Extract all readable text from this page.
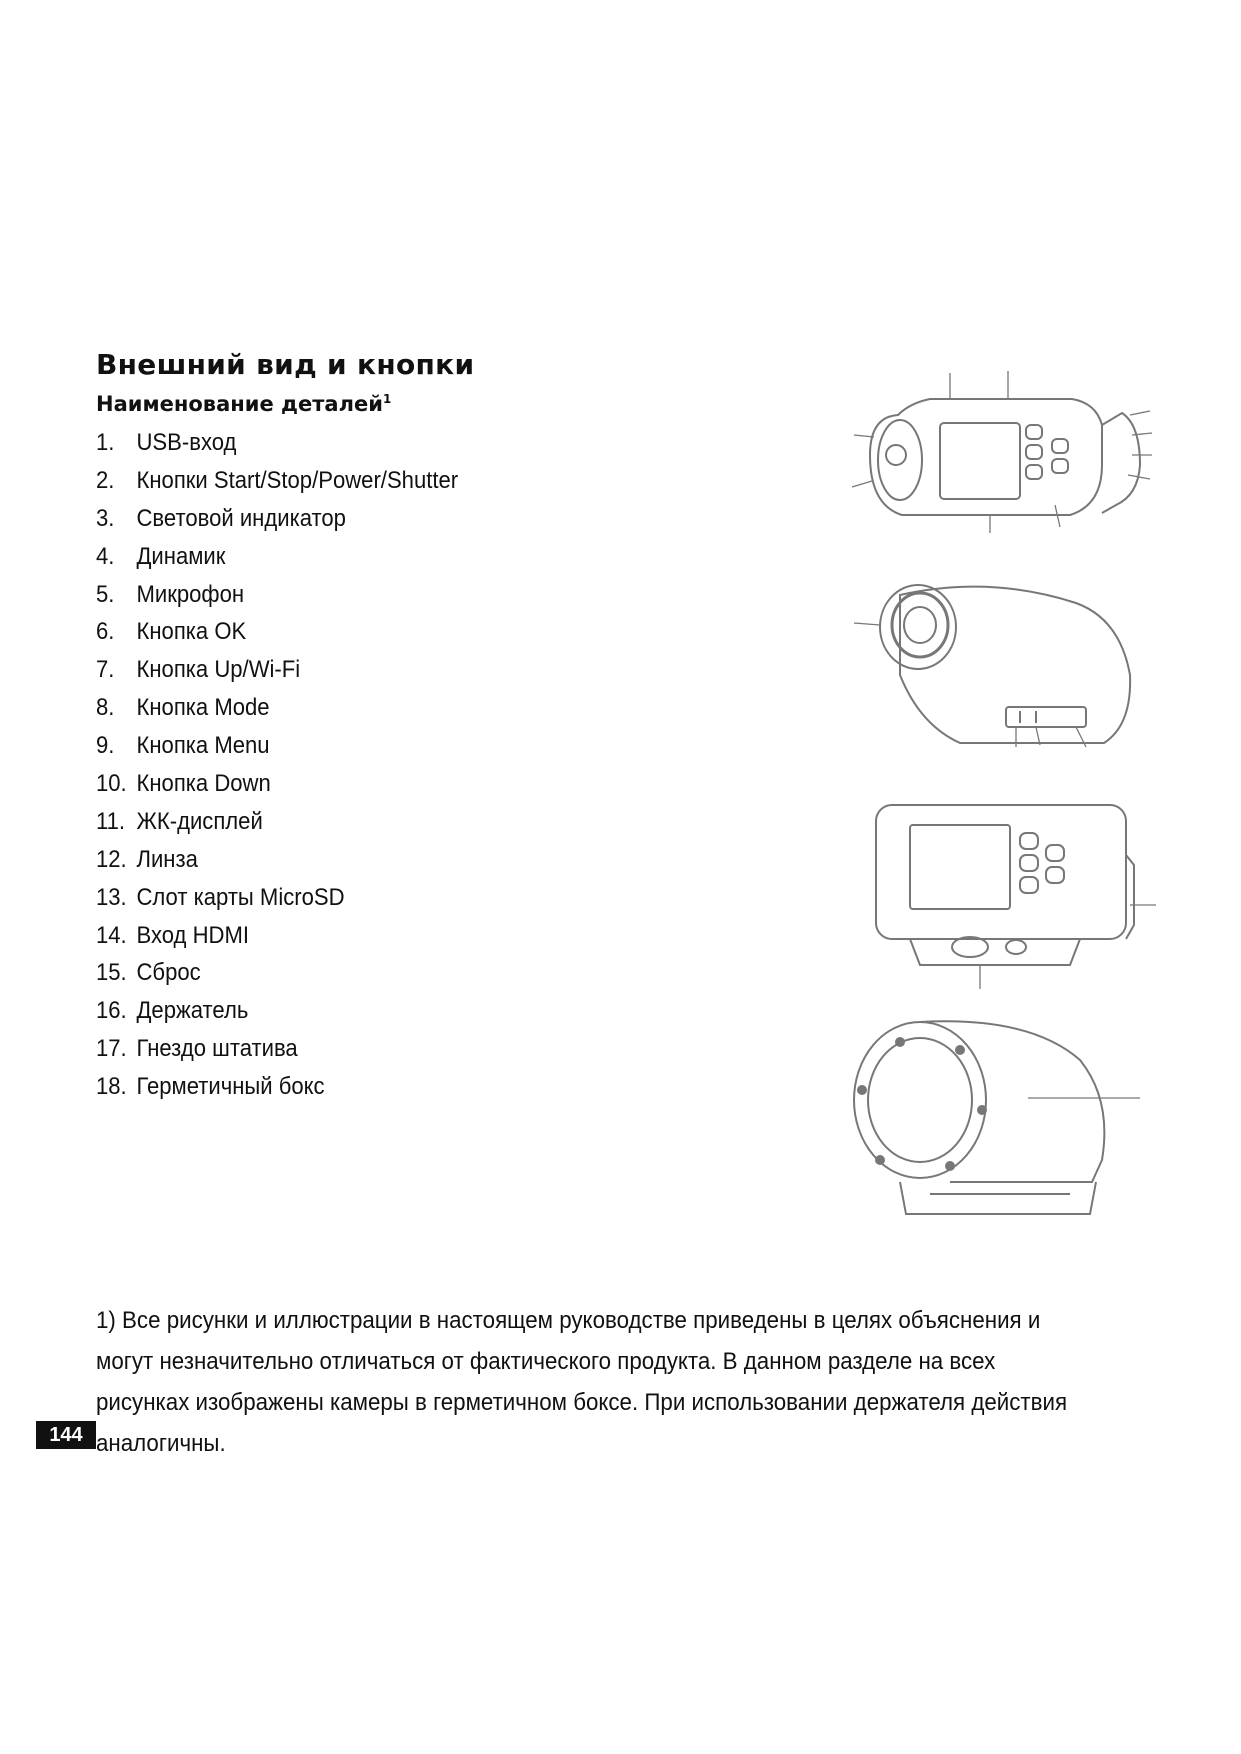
Внешний вид и кнопки
Наименование деталей$^1$
1. USB-вход
2. Кнопки Start/Stop/Power/Shutter
3. Световой индикатор
4. Динамик
5. Микрофон
6. Кнопка OK
7. Кнопка Up/Wi-Fi
8. Кнопка Mode
9. Кнопка Menu
10. Кнопка Down
11. ЖК-дисплей
12. Линза
13. Слот карты MicroSD
14. Вход HDMI
15. Сброс
16. Держатель
17. Гнездо штатива
18. Герметичный бокс
1) Все рисунки и иллюстрации в настоящем руководстве приведены в целях объяснения и могут незначительно отличаться от фактического продукта. В данном разделе на всех рисунках изображены камеры в герметичном боксе. При использовании держателя действия аналогичны.
144
